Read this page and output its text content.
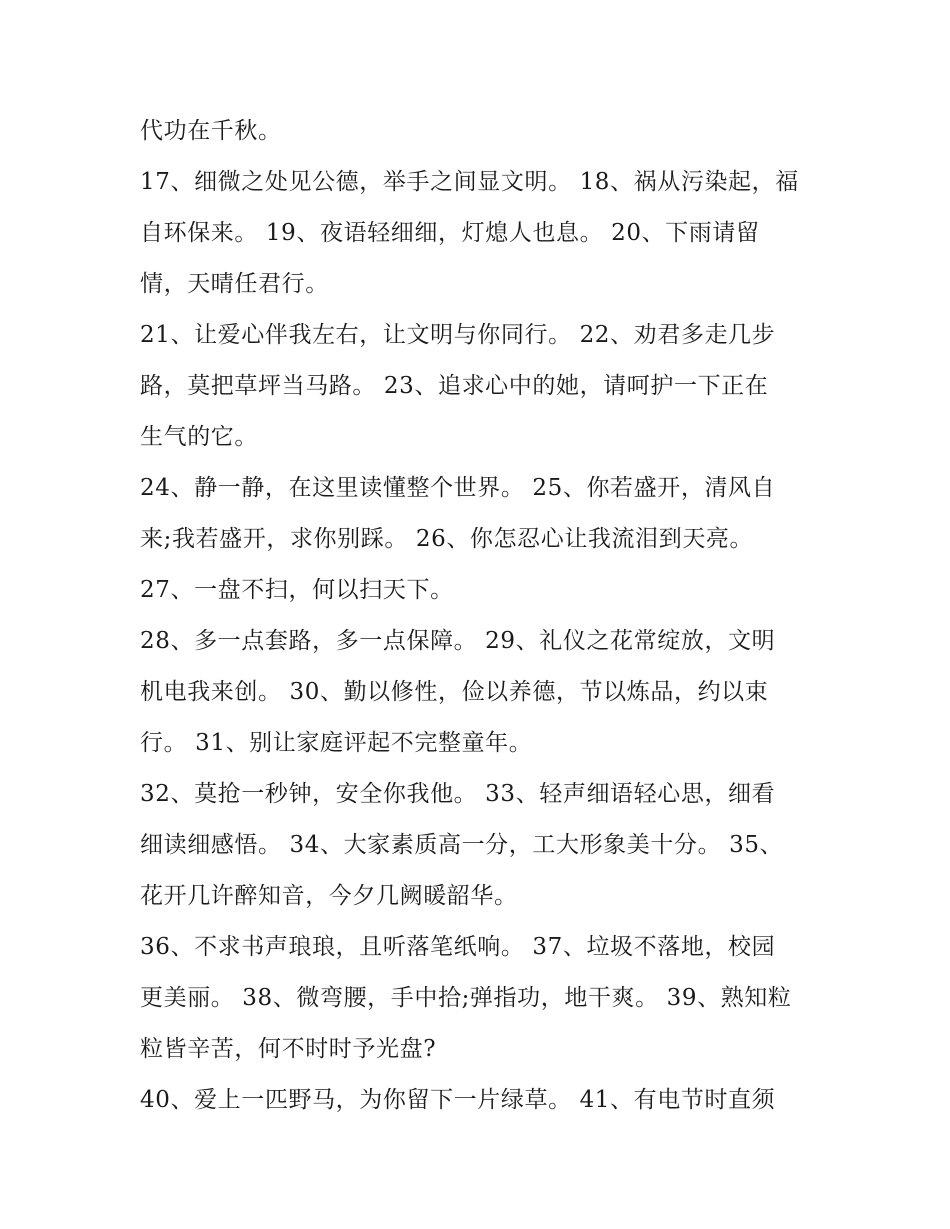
代功在千秋。
17、细微之处见公德，举手之间显文明。 18、祸从污染起，福
自环保来。 19、夜语轻细细，灯熄人也息。 20、下雨请留
情，天晴任君行。
21、让爱心伴我左右，让文明与你同行。 22、劝君多走几步
路，莫把草坪当马路。 23、追求心中的她，请呵护一下正在
生气的它。
24、静一静，在这里读懂整个世界。 25、你若盛开，清风自
来;我若盛开，求你别踩。 26、你怎忍心让我流泪到天亮。
27、一盘不扫，何以扫天下。
28、多一点套路，多一点保障。 29、礼仪之花常绽放，文明
机电我来创。 30、勤以修性，俭以养德，节以炼品，约以束
行。 31、别让家庭评起不完整童年。
32、莫抢一秒钟，安全你我他。 33、轻声细语轻心思，细看
细读细感悟。 34、大家素质高一分，工大形象美十分。 35、
花开几许醉知音，今夕几阙暖韶华。
36、不求书声琅琅，且听落笔纸响。 37、垃圾不落地，校园
更美丽。 38、微弯腰，手中拾;弹指功，地干爽。 39、熟知粒
粒皆辛苦，何不时时予光盘?
40、爱上一匹野马，为你留下一片绿草。 41、有电节时直须
